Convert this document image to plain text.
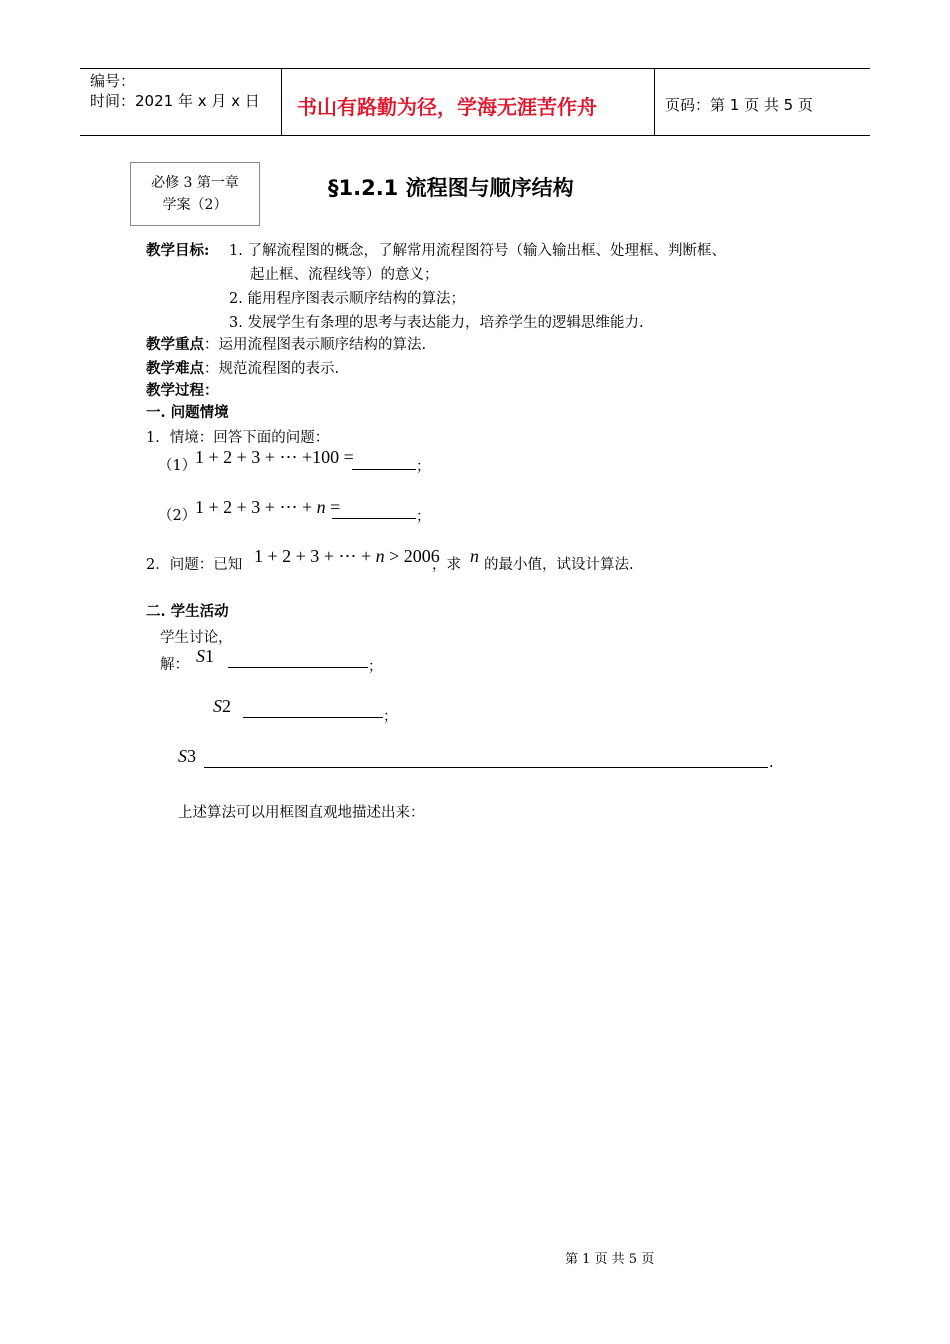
编号：
时间：2021 年 x 月 x 日 书山有路勤为径，学海无涯苦作舟	页码：第 1 页 共 5 页
必修 3 第一章
学案（2）
§1.2.1 流程图与顺序结构
教学目标: 1. 了解流程图的概念，了解常用流程图符号（输入输出框、处理框、判断框、
起止框、流程线等）的意义；
2. 能用程序图表示顺序结构的算法；
3. 发展学生有条理的思考与表达能力，培养学生的逻辑思维能力.
教学重点：运用流程图表示顺序结构的算法.
教学难点：规范流程图的表示.
教学过程：
一. 问题情境
1．情境：回答下面的问题：
（1）
1 + 2 + 3 + ⋯ +100 =	；
（2）
1 + 2 + 3 + ⋯ + n =	；
2．问题：已知 1 + 2 + 3 + ⋯ + n > 2006
，求 n 的最小值，试设计算法.
二. 学生活动
学生讨论，
解： S1
；
S2
；
S3	.
上述算法可以用框图直观地描述出来：
第 1 页 共 5 页
